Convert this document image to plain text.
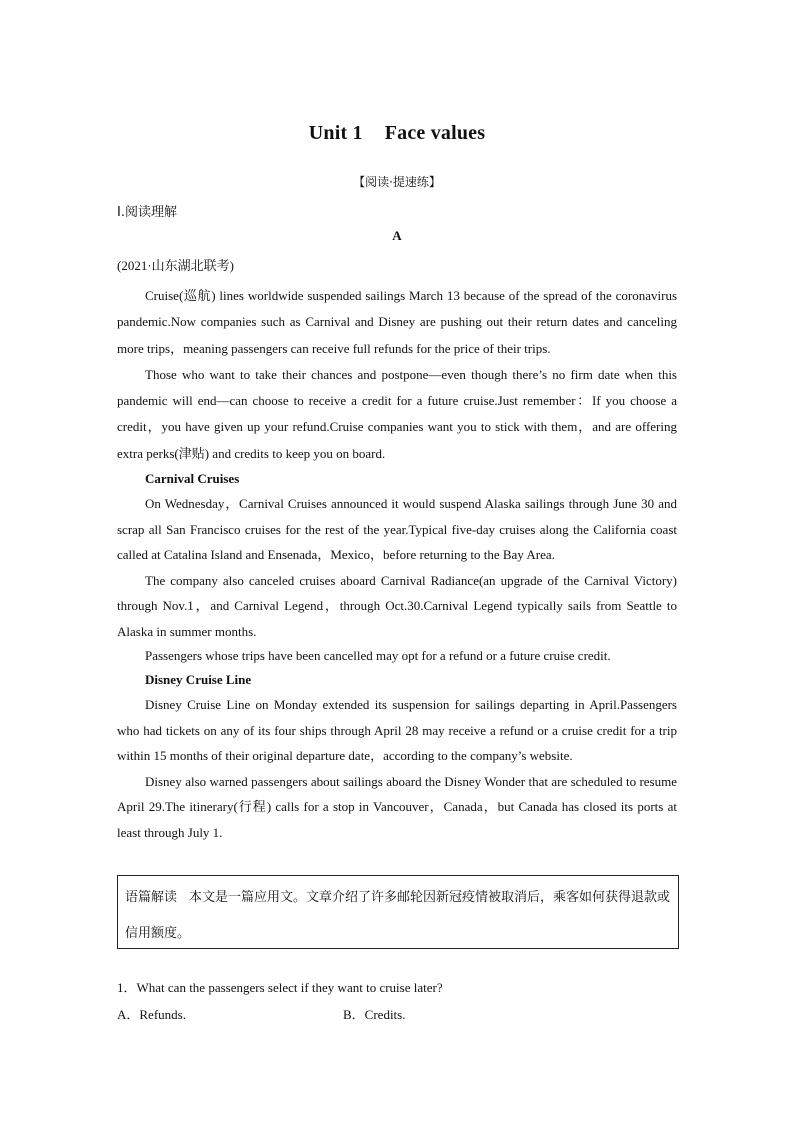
Unit 1 Face values
【阅读·提速练】
Ⅰ.阅读理解
A
(2021·山东湖北联考)

Cruise(巡航) lines worldwide suspended sailings March 13 because of the spread of the coronavirus pandemic.Now companies such as Carnival and Disney are pushing out their return dates and canceling more trips，meaning passengers can receive full refunds for the price of their trips.

Those who want to take their chances and postpone—even though there’s no firm date when this pandemic will end—can choose to receive a credit for a future cruise.Just remember：If you choose a credit，you have given up your refund.Cruise companies want you to stick with them，and are offering extra perks(津贴) and credits to keep you on board.

Carnival Cruises

On Wednesday，Carnival Cruises announced it would suspend Alaska sailings through June 30 and scrap all San Francisco cruises for the rest of the year.Typical five-day cruises along the California coast called at Catalina Island and Ensenada，Mexico，before returning to the Bay Area.

The company also canceled cruises aboard Carnival Radiance(an upgrade of the Carnival Victory) through Nov.1，and Carnival Legend，through Oct.30.Carnival Legend typically sails from Seattle to Alaska in summer months.

Passengers whose trips have been cancelled may opt for a refund or a future cruise credit.

Disney Cruise Line

Disney Cruise Line on Monday extended its suspension for sailings departing in April.Passengers who had tickets on any of its four ships through April 28 may receive a refund or a cruise credit for a trip within 15 months of their original departure date，according to the company’s website.

Disney also warned passengers about sailings aboard the Disney Wonder that are scheduled to resume April 29.The itinerary(行程) calls for a stop in Vancouver，Canada，but Canada has closed its ports at least through July 1.

语篇解读 本文是一篇应用文。文章介绍了许多邮轮因新冠疫情被取消后，乘客如何获得退款或信用额度。
1．What can the passengers select if they want to cruise later?
A．Refunds.	B．Credits.
